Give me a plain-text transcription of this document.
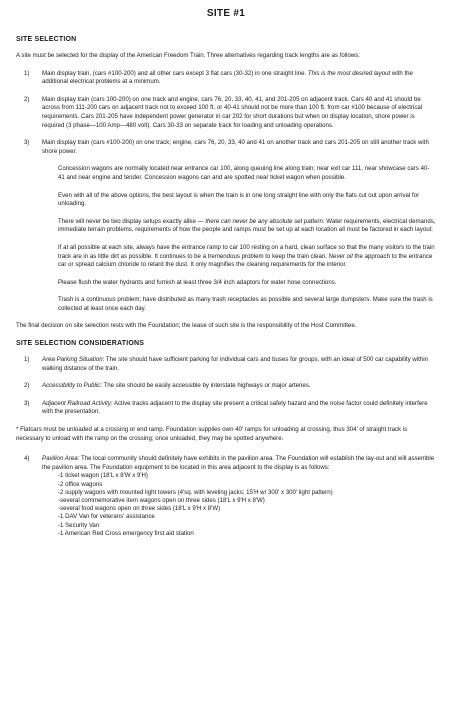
SITE #1
SITE SELECTION

A site must be selected for the display of the American Freedom Train. Three alternatives regarding track lengths are as follows:

1)	Main display train, (cars #100-200) and all other cars except 3 flat cars (30-32) in one straight line. This is the most desired layout with the additional electrical problems at a minimum.

2)	Main display train (cars 100-200) on one track and engine, cars 76, 20, 33, 40, 41, and 201-205 on adjacent track. Cars 40 and 41 should be across from 111-200 cars on adjacent track not to exceed 100 ft. or 40-41 should not be more than 100 ft. from car #100 because of electrical requirements. Cars 201-205 have independent power generator in car 202 for short durations but when on display location, shore power is required (3 phase—100 Amp—480 volt). Cars 30-33 on separate track for loading and unloading operations.

3)	Main display train (cars #100-200) on one track; engine, cars 76, 20, 33, 40 and 41 on another track and cars 201-205 on still another track with shore power.

Concession wagons are normally located near entrance car 100, along queuing line along train; near exit car 111, near showcase cars 40-41 and near engine and tender. Concession wagons can and are spotted near ticket wagon when possible.

Even with all of the above options, the best layout is when the train is in one long straight line with only the flats cut out upon arrival for unloading.

There will never be two display setups exactly alike — there can never be any absolute set pattern: Water requirements, electrical demands, immediate terrain problems, requirements of how the people and ramps must be set up at each location all must be factored in each layout.

If at all possible at each site, always have the entrance ramp to car 100 resting on a hard, clean surface so that the many visitors to the train track are in as little dirt as possible. It continues to be a tremendous problem to keep the train clean. Never oil the approach to the entrance car or spread calcium chloride to retard the dust. It only magnifies the cleaning requirements for the interior.

Please flush the water hydrants and furnish at least three 3/4 inch adaptors for water hose connections.

Trash is a continuous problem; have distributed as many trash receptacles as possible and several large dumpsters. Make sure the trash is collected at least once each day.

The final decision on site selection rests with the Foundation; the lease of such site is the responsibility of the Host Committee.

SITE SELECTION CONSIDERATIONS
1)	Area Parking Situation: The site should have sufficient parking for individual cars and buses for groups, with an ideal of 500 car capability within walking distance of the train.

2)	Accessibility to Public: The site should be easily accessible by interstate highways or major arteries.

3)	Adjacent Railroad Activity: Active tracks adjacent to the display site present a critical safety hazard and the noise factor could definitely interfere with the presentation.

* Flatcars must be unloaded at a crossing or end ramp. Foundation supplies own 40' ramps for unloading at crossing, thus 304' of straight track is necessary to unload with the ramp on the crossing; once unloaded, they may be spotted anywhere.

4)	Pavilion Area: The local community should definitely have exhibits in the pavilion area. The Foundation will establish the lay-out and will assemble the pavilion area. The Foundation equipment to be located in this area adjacent to the display is as follows:

-1 ticket wagon (18'L x 8'W x 9'H)
-2 office wagons
-2 supply wagons with mounted light towers (4'sq. with leveling jacks; 15'H w/ 300' x 300' light pattern)
-several commemorative item wagons open on three sides (18'L x 9'H x 8'W)
-several food wagons open on three sides (18'L x 9'H x 8'W)
-1 DAV Van for veterans' assistance
-1 Security Van
-1 American Red Cross emergency first aid station
